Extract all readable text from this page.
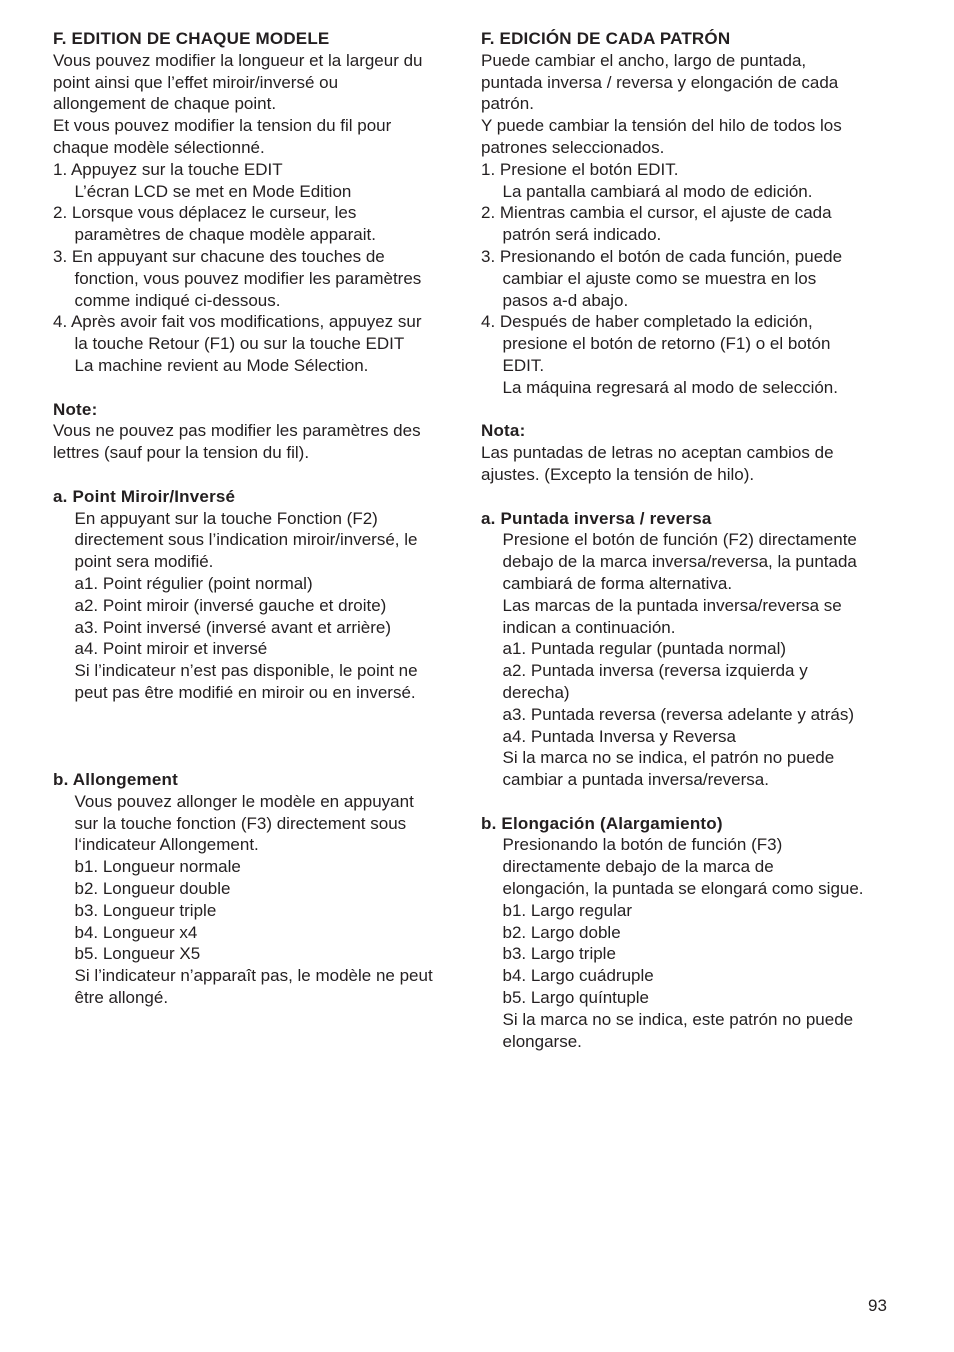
F. EDITION DE CHAQUE MODELE
Vous pouvez modifier la longueur et la largeur du
point ainsi que l’effet miroir/inversé ou
allongement de chaque point.
Et vous pouvez modifier la tension du fil pour
chaque modèle sélectionné.
1. Appuyez sur la touche EDIT
L’écran LCD se met en Mode Edition
2. Lorsque vous déplacez le curseur, les
paramètres de chaque modèle apparait.
3. En appuyant sur chacune des touches de
fonction, vous pouvez modifier les paramètres
comme indiqué ci-dessous.
4. Après avoir fait vos modifications, appuyez sur
la touche Retour (F1) ou sur la touche EDIT
La machine revient au Mode Sélection.
Note:
Vous ne pouvez pas modifier les paramètres des
lettres (sauf pour la tension du fil).
a. Point Miroir/Inversé
En appuyant sur la touche Fonction (F2)
directement sous l’indication miroir/inversé, le
point sera modifié.
a1. Point régulier (point normal)
a2. Point miroir (inversé gauche et droite)
a3. Point inversé (inversé avant et arrière)
a4. Point miroir et inversé
Si l’indicateur n’est pas disponible, le point ne
peut pas être modifié en miroir ou en inversé.
b. Allongement
Vous pouvez allonger le modèle en appuyant
sur la touche fonction (F3) directement sous
l‘indicateur Allongement.
b1. Longueur normale
b2. Longueur double
b3. Longueur triple
b4. Longueur x4
b5. Longueur X5
Si l’indicateur n’apparaît pas, le modèle ne peut
être allongé.
F. EDICIÓN DE CADA PATRÓN
Puede cambiar el ancho, largo de puntada,
puntada inversa / reversa y elongación de cada
patrón.
Y puede cambiar la tensión del hilo de todos los
patrones seleccionados.
1. Presione el botón EDIT.
La pantalla cambiará al modo de edición.
2. Mientras cambia el cursor, el ajuste de cada
patrón será indicado.
3. Presionando el botón de cada función, puede
cambiar el ajuste como se muestra en los
pasos a-d abajo.
4. Después de haber completado la edición,
presione el botón de retorno (F1) o el botón
EDIT.
La máquina regresará al modo de selección.
Nota:
Las puntadas de letras no aceptan cambios de
ajustes. (Excepto la tensión de hilo).
a. Puntada inversa / reversa
Presione el botón de función (F2) directamente
debajo de la marca inversa/reversa, la puntada
cambiará de forma alternativa.
Las marcas de la puntada inversa/reversa se
indican a continuación.
a1. Puntada regular (puntada normal)
a2. Puntada inversa (reversa izquierda y
derecha)
a3. Puntada reversa (reversa adelante y atrás)
a4. Puntada Inversa y Reversa
Si la marca no se indica, el patrón no puede
cambiar a puntada inversa/reversa.
b. Elongación (Alargamiento)
Presionando la botón de función (F3)
directamente debajo de la marca de
elongación, la puntada se elongará como sigue.
b1. Largo regular
b2. Largo doble
b3. Largo triple
b4. Largo cuádruple
b5. Largo quíntuple
Si la marca no se indica, este patrón no puede
elongarse.
93
